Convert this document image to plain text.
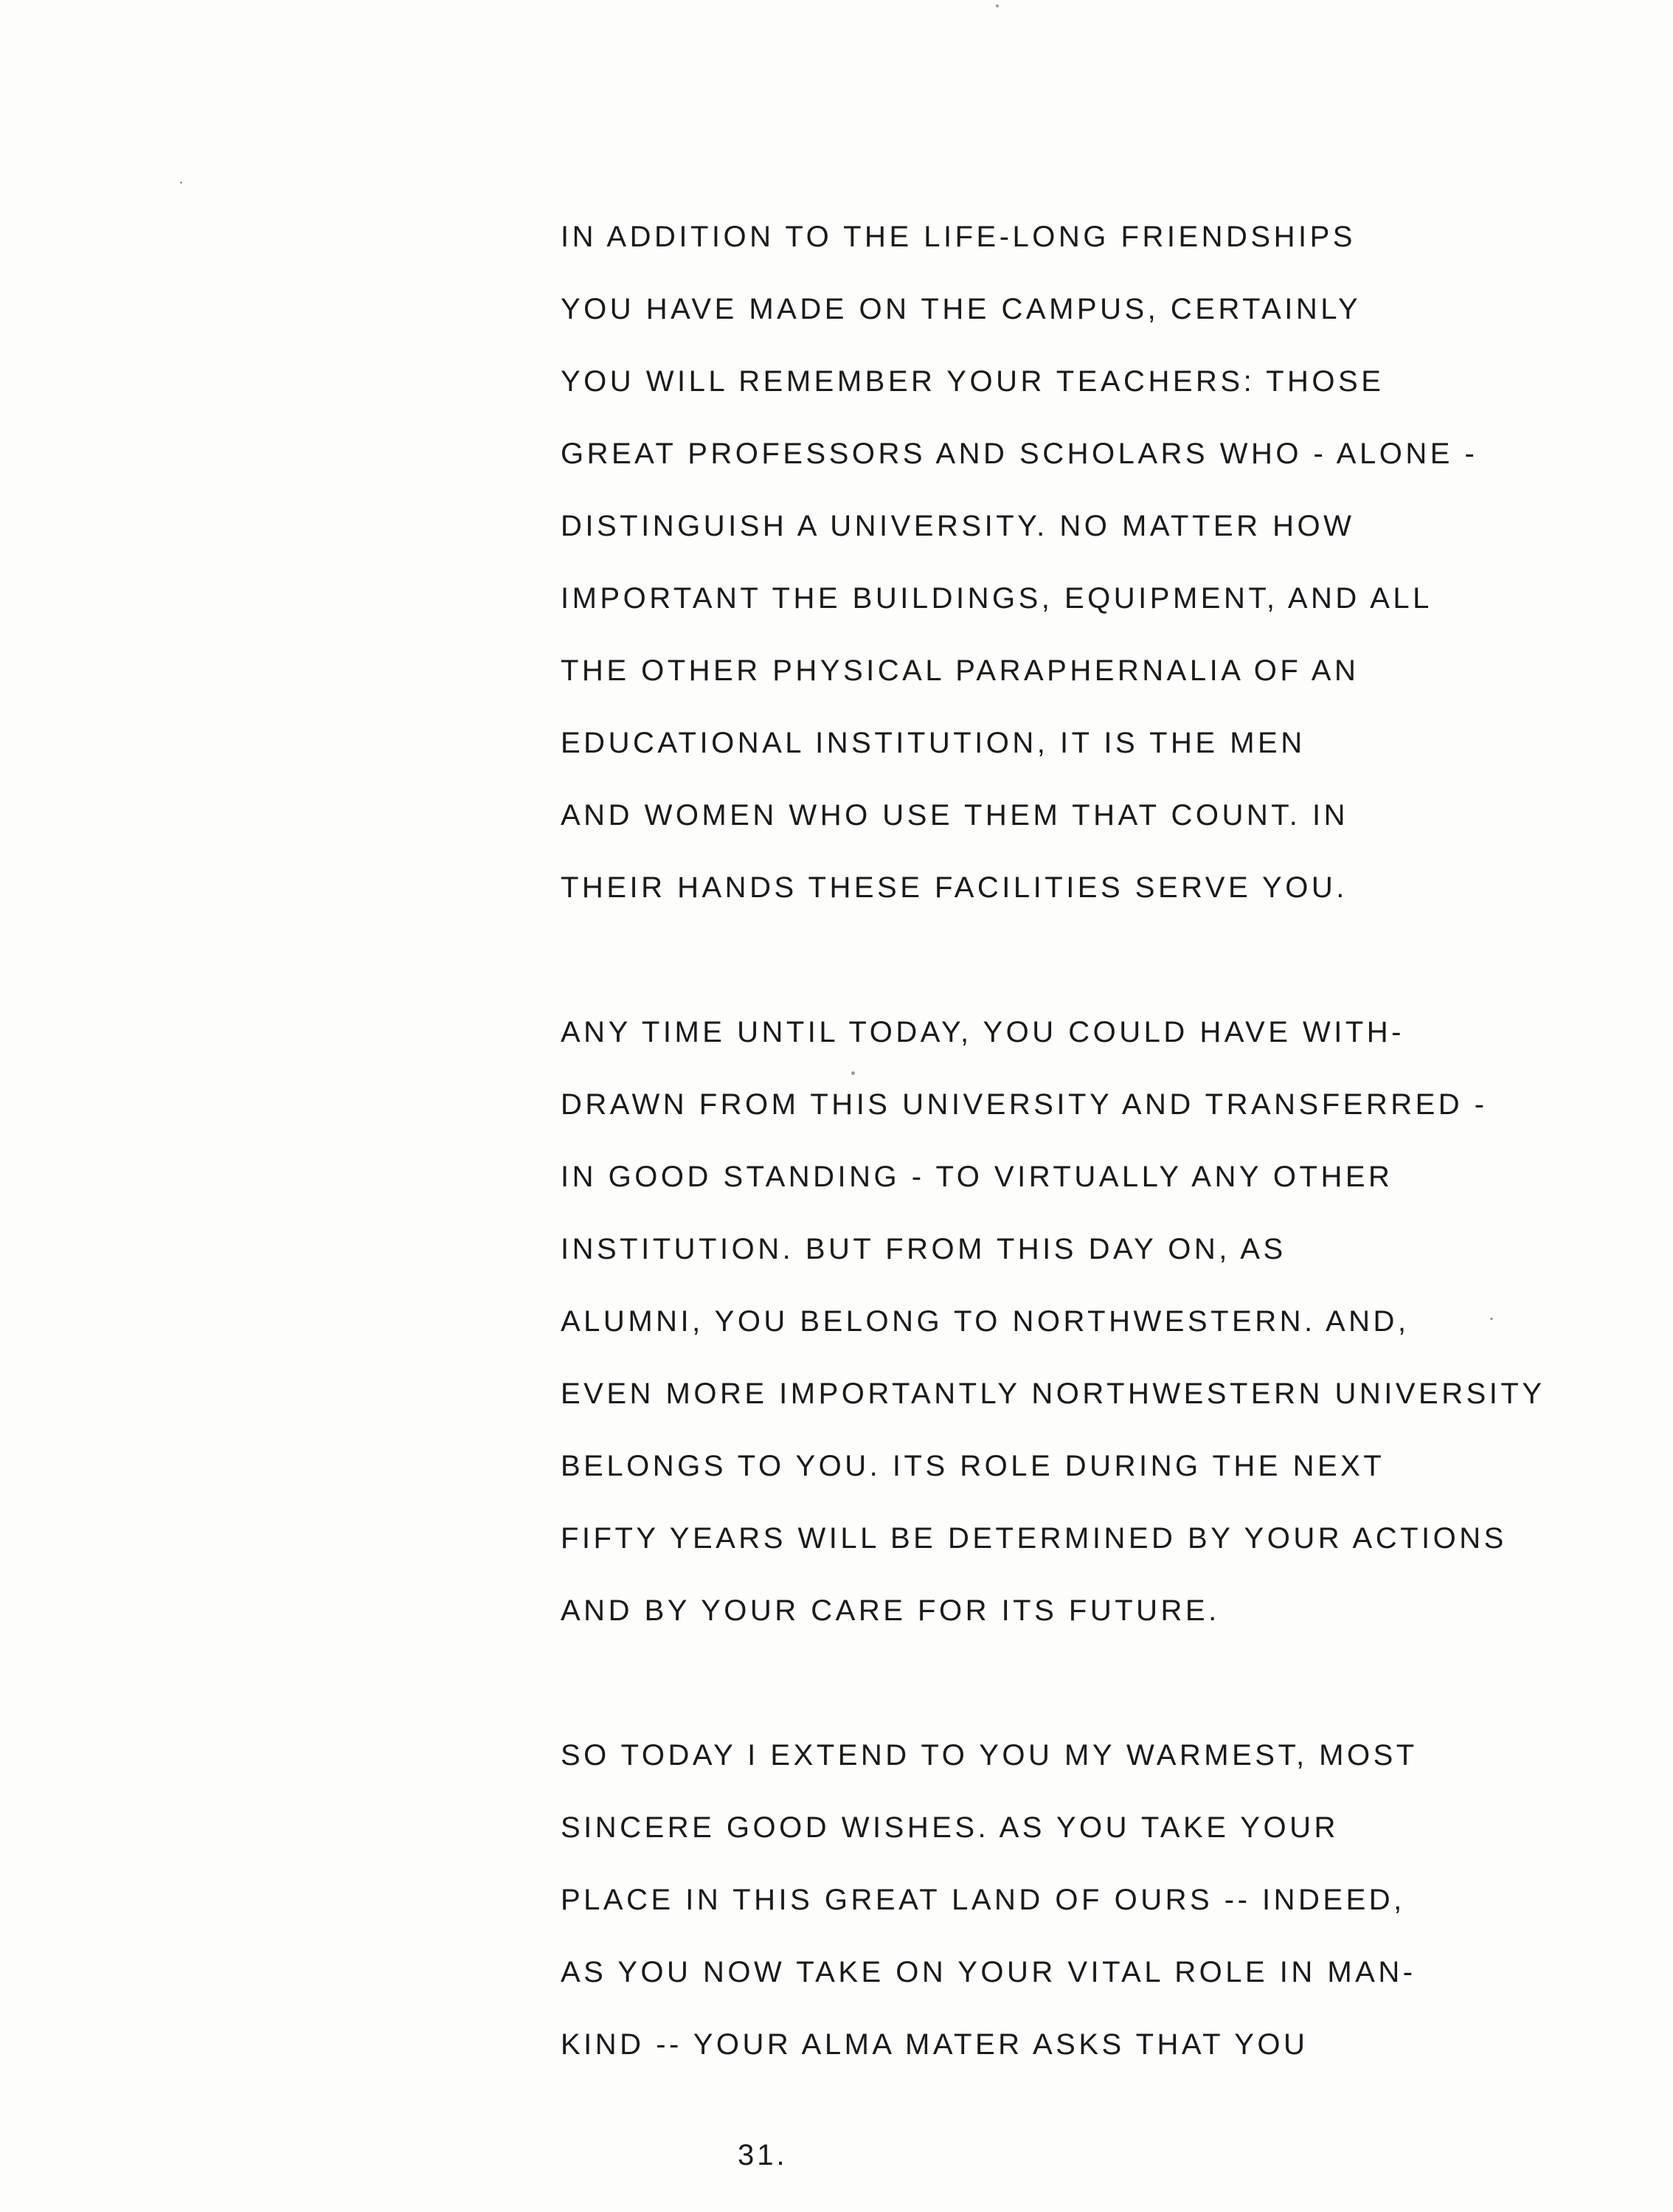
IN ADDITION TO THE LIFE-LONG FRIENDSHIPS
YOU HAVE MADE ON THE CAMPUS, CERTAINLY
YOU WILL REMEMBER YOUR TEACHERS: THOSE
GREAT PROFESSORS AND SCHOLARS WHO - ALONE -
DISTINGUISH A UNIVERSITY. NO MATTER HOW
IMPORTANT THE BUILDINGS, EQUIPMENT, AND ALL
THE OTHER PHYSICAL PARAPHERNALIA OF AN
EDUCATIONAL INSTITUTION, IT IS THE MEN
AND WOMEN WHO USE THEM THAT COUNT. IN
THEIR HANDS THESE FACILITIES SERVE YOU.
ANY TIME UNTIL TODAY, YOU COULD HAVE WITH-
DRAWN FROM THIS UNIVERSITY AND TRANSFERRED -
IN GOOD STANDING - TO VIRTUALLY ANY OTHER
INSTITUTION. BUT FROM THIS DAY ON, AS
ALUMNI, YOU BELONG TO NORTHWESTERN. AND,
EVEN MORE IMPORTANTLY NORTHWESTERN UNIVERSITY
BELONGS TO YOU. ITS ROLE DURING THE NEXT
FIFTY YEARS WILL BE DETERMINED BY YOUR ACTIONS
AND BY YOUR CARE FOR ITS FUTURE.
SO TODAY I EXTEND TO YOU MY WARMEST, MOST
SINCERE GOOD WISHES. AS YOU TAKE YOUR
PLACE IN THIS GREAT LAND OF OURS -- INDEED,
AS YOU NOW TAKE ON YOUR VITAL ROLE IN MAN-
KIND -- YOUR ALMA MATER ASKS THAT YOU
31.
